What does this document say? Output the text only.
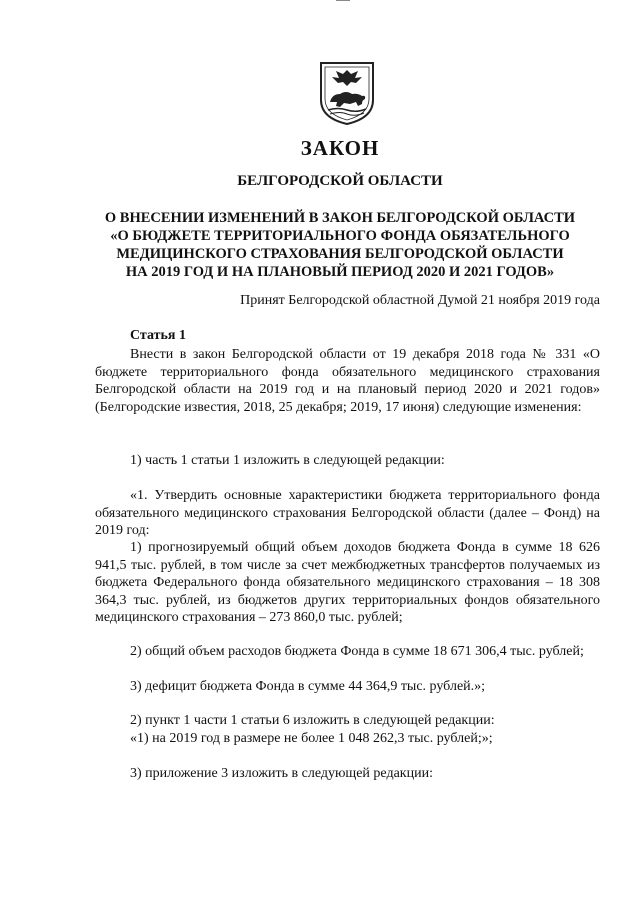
ЗАКОН
БЕЛГОРОДСКОЙ ОБЛАСТИ
О ВНЕСЕНИИ ИЗМЕНЕНИЙ В ЗАКОН БЕЛГОРОДСКОЙ ОБЛАСТИ
«О БЮДЖЕТЕ ТЕРРИТОРИАЛЬНОГО ФОНДА ОБЯЗАТЕЛЬНОГО
МЕДИЦИНСКОГО СТРАХОВАНИЯ БЕЛГОРОДСКОЙ ОБЛАСТИ
НА 2019 ГОД И НА ПЛАНОВЫЙ ПЕРИОД 2020 И 2021 ГОДОВ»
Принят Белгородской областной Думой 21 ноября 2019 года
Статья 1
Внести в закон Белгородской области от 19 декабря 2018 года № 331 «О бюджете территориального фонда обязательного медицинского страхования Белгородской области на 2019 год и на плановый период 2020 и 2021 годов» (Белгородские известия, 2018, 25 декабря; 2019, 17 июня) следующие изменения:
1) часть 1 статьи 1 изложить в следующей редакции:
«1. Утвердить основные характеристики бюджета территориального фонда обязательного медицинского страхования Белгородской области (далее – Фонд) на 2019 год:
1) прогнозируемый общий объем доходов бюджета Фонда в сумме 18 626 941,5 тыс. рублей, в том числе за счет межбюджетных трансфертов получаемых из бюджета Федерального фонда обязательного медицинского страхования – 18 308 364,3 тыс. рублей, из бюджетов других территориальных фондов обязательного медицинского страхования – 273 860,0 тыс. рублей;
2) общий объем расходов бюджета Фонда в сумме 18 671 306,4 тыс. рублей;
3) дефицит бюджета Фонда в сумме 44 364,9 тыс. рублей.»;
2) пункт 1 части 1 статьи 6 изложить в следующей редакции:
«1) на 2019 год в размере не более 1 048 262,3 тыс. рублей;»;
3) приложение 3 изложить в следующей редакции:
